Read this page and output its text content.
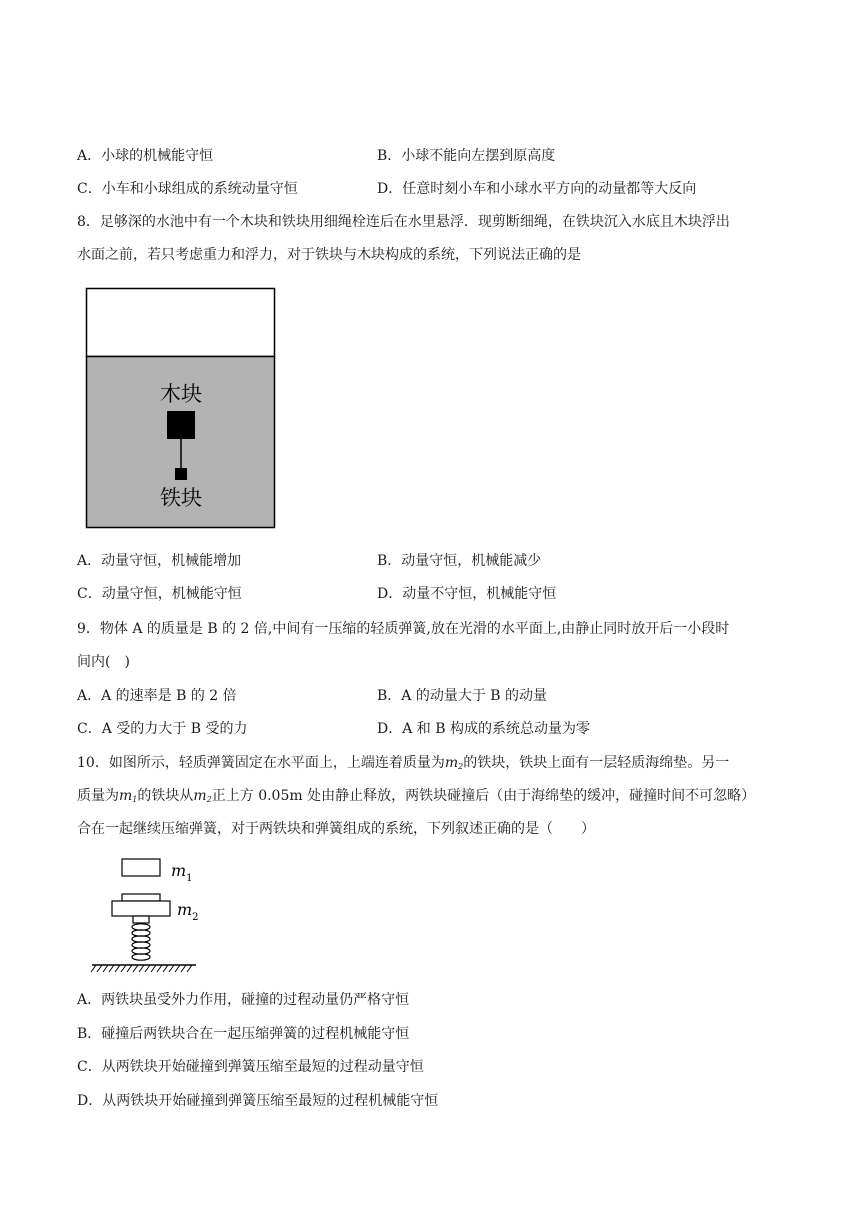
A．小球的机械能守恒	B．小球不能向左摆到原高度
C．小车和小球组成的系统动量守恒	D．任意时刻小车和小球水平方向的动量都等大反向
8．足够深的水池中有一个木块和铁块用细绳栓连后在水里悬浮．现剪断细绳，在铁块沉入水底且木块浮出
水面之前，若只考虑重力和浮力，对于铁块与木块构成的系统，下列说法正确的是
木块
铁块
A．动量守恒，机械能增加	B．动量守恒，机械能减少
C．动量守恒，机械能守恒	D．动量不守恒，机械能守恒
9．物体 A 的质量是 B 的 2 倍,中间有一压缩的轻质弹簧,放在光滑的水平面上,由静止同时放开后一小段时
间内(　)
A．A 的速率是 B 的 2 倍	B．A 的动量大于 B 的动量
C．A 受的力大于 B 受的力	D．A 和 B 构成的系统总动量为零
10．如图所示，轻质弹簧固定在水平面上，上端连着质量为$m_2$的铁块，铁块上面有一层轻质海绵垫。另一
质量为$m_1$的铁块从$m_2$正上方 0.05m 处由静止释放，两铁块碰撞后（由于海绵垫的缓冲，碰撞时间不可忽略）
合在一起继续压缩弹簧，对于两铁块和弹簧组成的系统，下列叙述正确的是（　　）
$m_1$
$m_2$
A．两铁块虽受外力作用，碰撞的过程动量仍严格守恒
B．碰撞后两铁块合在一起压缩弹簧的过程机械能守恒
C．从两铁块开始碰撞到弹簧压缩至最短的过程动量守恒
D．从两铁块开始碰撞到弹簧压缩至最短的过程机械能守恒
